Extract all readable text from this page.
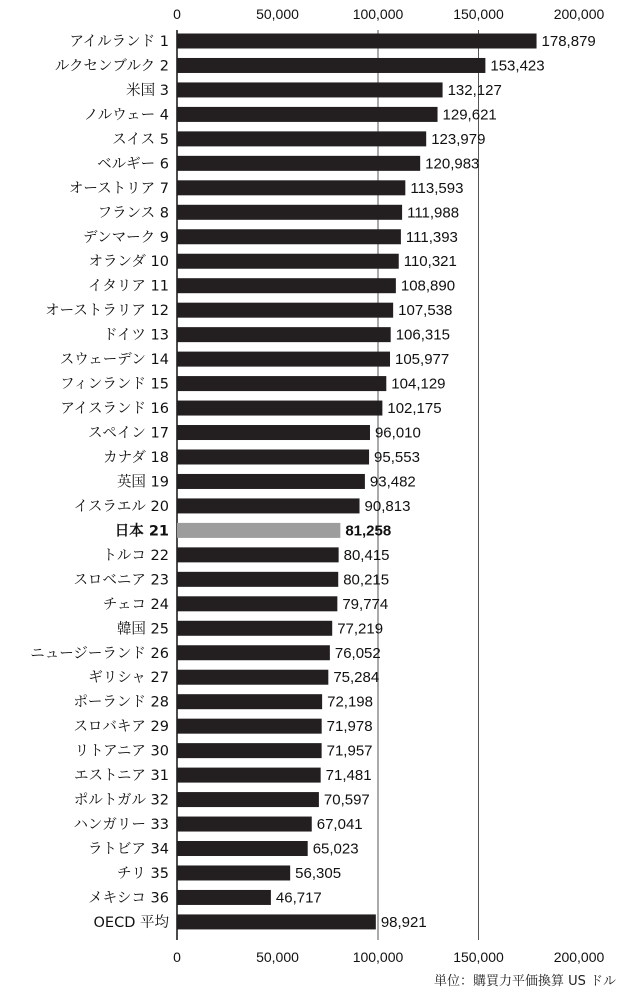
0
0
50,000
50,000
100,000
100,000
150,000
150,000
200,000
200,000
アイルランド 1	178,879
ルクセンブルク 2	153,423
米国 3	132,127
ノルウェー 4	129,621
スイス 5	123,979
ベルギー 6	120,983
オーストリア 7	113,593
フランス 8	111,988
デンマーク 9	111,393
オランダ 10	110,321
イタリア 11	108,890
オーストラリア 12	107,538
ドイツ 13	106,315
スウェーデン 14	105,977
フィンランド 15	104,129
アイスランド 16	102,175
スペイン 17	96,010
カナダ 18	95,553
英国 19	93,482
イスラエル 20	90,813
日本 21	81,258
トルコ 22	80,415
スロベニア 23	80,215
チェコ 24	79,774
韓国 25	77,219
ニュージーランド 26	76,052
ギリシャ 27	75,284
ポーランド 28	72,198
スロバキア 29	71,978
リトアニア 30	71,957
エストニア 31	71,481
ポルトガル 32	70,597
ハンガリー 33	67,041
ラトビア 34	65,023
チリ 35	56,305
メキシコ 36	46,717
OECD 平均	98,921
単位：購買力平価換算 US ドル
